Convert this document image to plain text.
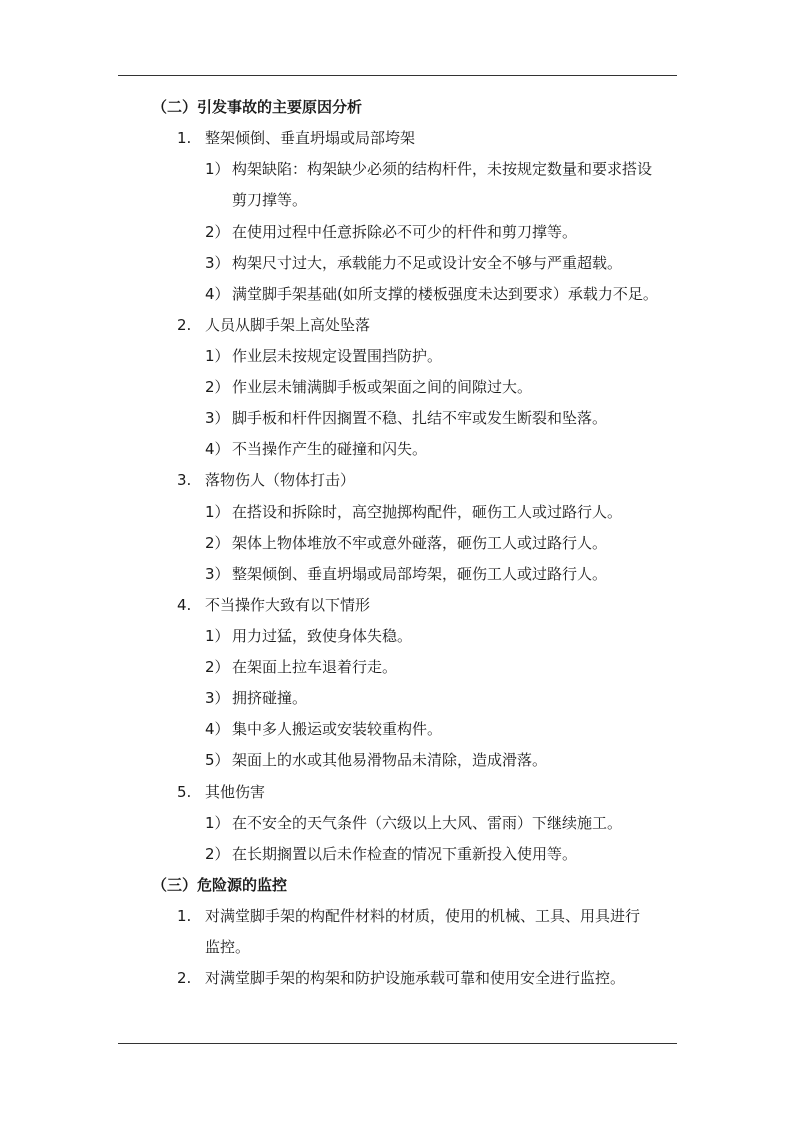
（二）引发事故的主要原因分析
1. 整架倾倒、垂直坍塌或局部垮架
1） 构架缺陷：构架缺少必须的结构杆件，未按规定数量和要求搭设
剪刀撑等。
2） 在使用过程中任意拆除必不可少的杆件和剪刀撑等。
3） 构架尺寸过大，承载能力不足或设计安全不够与严重超载。
4） 满堂脚手架基础(如所支撑的楼板强度未达到要求）承载力不足。
2. 人员从脚手架上高处坠落
1） 作业层未按规定设置围挡防护。
2） 作业层未铺满脚手板或架面之间的间隙过大。
3） 脚手板和杆件因搁置不稳、扎结不牢或发生断裂和坠落。
4） 不当操作产生的碰撞和闪失。
3. 落物伤人（物体打击）
1） 在搭设和拆除时，高空抛掷构配件，砸伤工人或过路行人。
2） 架体上物体堆放不牢或意外碰落，砸伤工人或过路行人。
3） 整架倾倒、垂直坍塌或局部垮架，砸伤工人或过路行人。
4. 不当操作大致有以下情形
1） 用力过猛，致使身体失稳。
2） 在架面上拉车退着行走。
3） 拥挤碰撞。
4） 集中多人搬运或安装较重构件。
5） 架面上的水或其他易滑物品未清除，造成滑落。
5. 其他伤害
1） 在不安全的天气条件（六级以上大风、雷雨）下继续施工。
2） 在长期搁置以后未作检查的情况下重新投入使用等。
（三）危险源的监控
1. 对满堂脚手架的构配件材料的材质，使用的机械、工具、用具进行
监控。
2. 对满堂脚手架的构架和防护设施承载可靠和使用安全进行监控。
